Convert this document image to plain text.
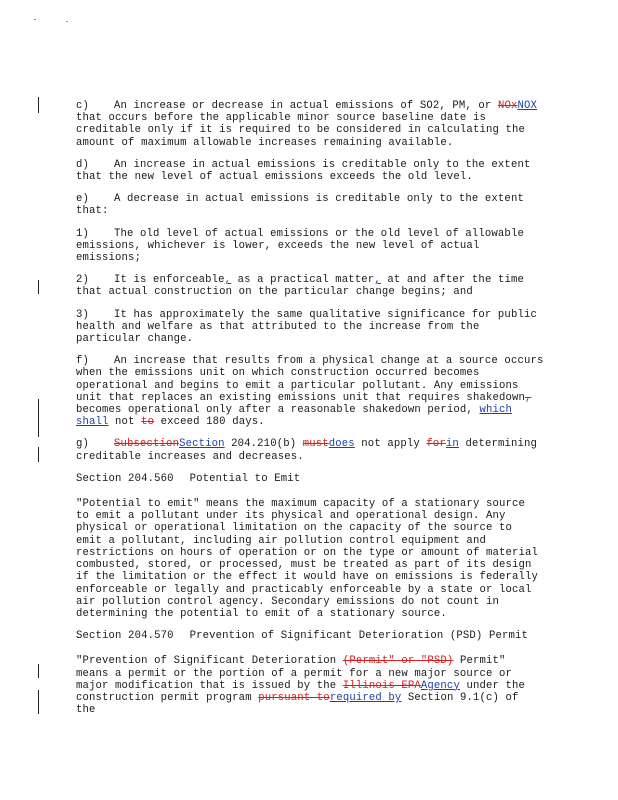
c) An increase or decrease in actual emissions of SO2, PM, or NOxNOX that occurs before the applicable minor source baseline date is creditable only if it is required to be considered in calculating the amount of maximum allowable increases remaining available.

d) An increase in actual emissions is creditable only to the extent that the new level of actual emissions exceeds the old level.

e) A decrease in actual emissions is creditable only to the extent that:

1) The old level of actual emissions or the old level of allowable emissions, whichever is lower, exceeds the new level of actual emissions;

2) It is enforceable, as a practical matter, at and after the time that actual construction on the particular change begins; and

3) It has approximately the same qualitative significance for public health and welfare as that attributed to the increase from the particular change.

f) An increase that results from a physical change at a source occurs when the emissions unit on which construction occurred becomes operational and begins to emit a particular pollutant. Any emissions unit that replaces an existing emissions unit that requires shakedown, becomes operational only after a reasonable shakedown period, which shall not to exceed 180 days.

g) SubsectionSection 204.210(b) mustdoes not apply forin determining creditable increases and decreases.

Section 204.560 Potential to Emit

"Potential to emit" means the maximum capacity of a stationary source to emit a pollutant under its physical and operational design. Any physical or operational limitation on the capacity of the source to emit a pollutant, including air pollution control equipment and restrictions on hours of operation or on the type or amount of material combusted, stored, or processed, must be treated as part of its design if the limitation or the effect it would have on emissions is federally enforceable or legally and practicably enforceable by a state or local air pollution control agency. Secondary emissions do not count in determining the potential to emit of a stationary source.

Section 204.570 Prevention of Significant Deterioration (PSD) Permit

"Prevention of Significant Deterioration (Permit" or "PSD) Permit" means a permit or the portion of a permit for a new major source or major modification that is issued by the Illinois EPAAgency under the construction permit program pursuant torequired by Section 9.1(c) of the
